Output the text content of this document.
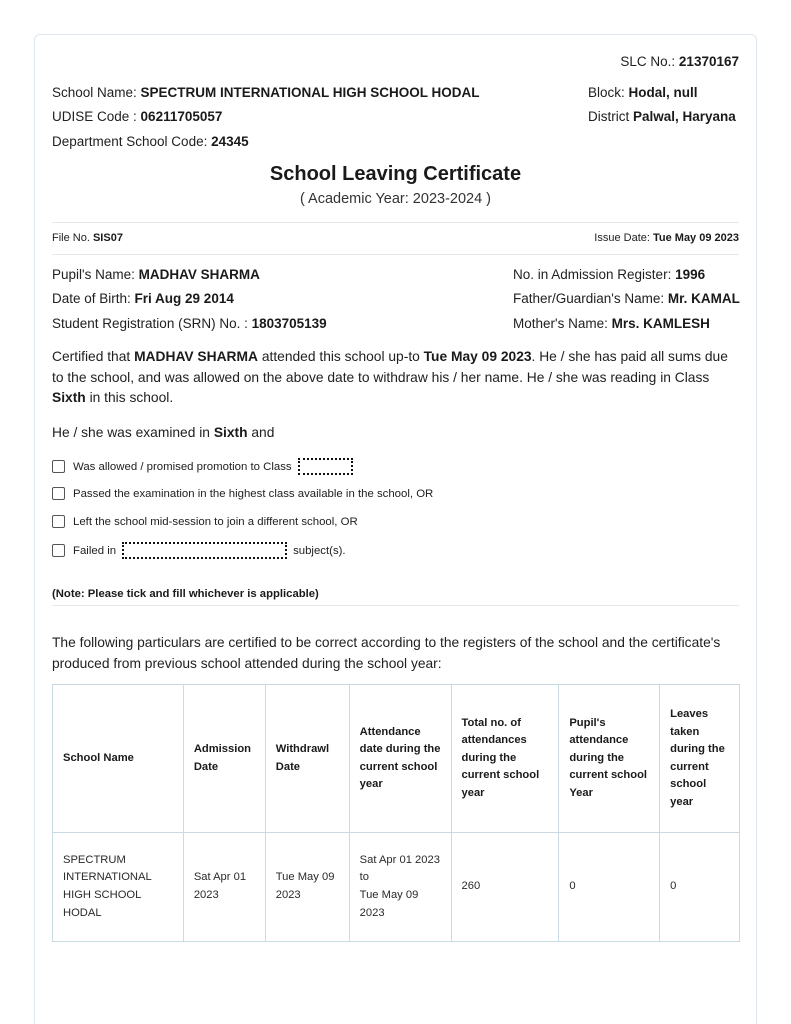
SLC No.: 21370167
School Name: SPECTRUM INTERNATIONAL HIGH SCHOOL HODAL
UDISE Code : 06211705057
Department School Code: 24345
Block: Hodal, null
District Palwal, Haryana
School Leaving Certificate
( Academic Year: 2023-2024 )
File No. SIS07	Issue Date: Tue May 09 2023
Pupil's Name: MADHAV SHARMA
Date of Birth: Fri Aug 29 2014
Student Registration (SRN) No. : 1803705139
No. in Admission Register: 1996
Father/Guardian's Name: Mr. KAMAL
Mother's Name: Mrs. KAMLESH
Certified that MADHAV SHARMA attended this school up-to Tue May 09 2023. He / she has paid all sums due to the school, and was allowed on the above date to withdraw his / her name. He / she was reading in Class Sixth in this school.
He / she was examined in Sixth and
Was allowed / promised promotion to Class
Passed the examination in the highest class available in the school, OR
Left the school mid-session to join a different school, OR
Failed in	subject(s).
(Note: Please tick and fill whichever is applicable)
The following particulars are certified to be correct according to the registers of the school and the certificate's produced from previous school attended during the school year:
School Name	Admission Date	Withdrawl Date	Attendance date during the current school year	Total no. of attendances during the current school year	Pupil's attendance during the current school Year	Leaves taken during the current school year
SPECTRUM INTERNATIONAL HIGH SCHOOL HODAL	Sat Apr 01 2023	Tue May 09 2023	Sat Apr 01 2023
to
Tue May 09 2023	260	0	0
